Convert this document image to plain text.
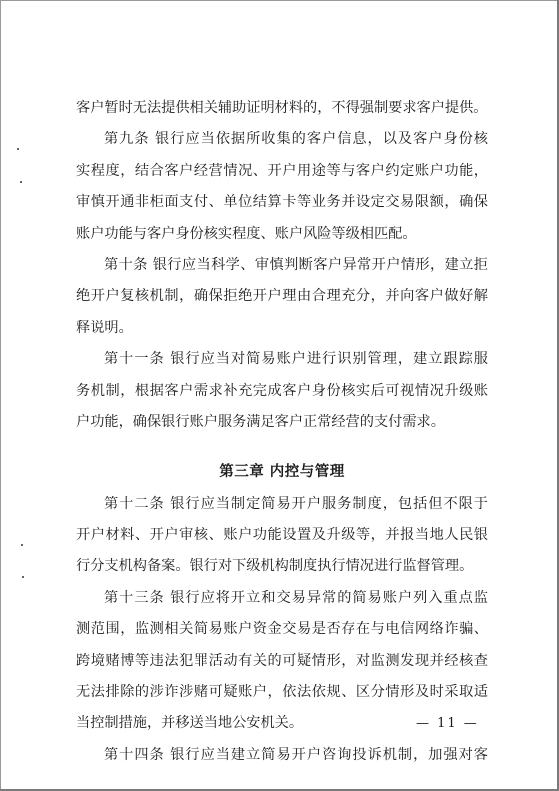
客户暂时无法提供相关辅助证明材料的，不得强制要求客户提供。
第九条 银行应当依据所收集的客户信息，以及客户身份核
实程度，结合客户经营情况、开户用途等与客户约定账户功能，
审慎开通非柜面支付、单位结算卡等业务并设定交易限额，确保
账户功能与客户身份核实程度、账户风险等级相匹配。
第十条 银行应当科学、审慎判断客户异常开户情形，建立拒
绝开户复核机制，确保拒绝开户理由合理充分，并向客户做好解
释说明。
第十一条 银行应当对简易账户进行识别管理，建立跟踪服
务机制，根据客户需求补充完成客户身份核实后可视情况升级账
户功能，确保银行账户服务满足客户正常经营的支付需求。
第三章 内控与管理
第十二条 银行应当制定简易开户服务制度，包括但不限于
开户材料、开户审核、账户功能设置及升级等，并报当地人民银
行分支机构备案。银行对下级机构制度执行情况进行监督管理。
第十三条 银行应将开立和交易异常的简易账户列入重点监
测范围，监测相关简易账户资金交易是否存在与电信网络诈骗、
跨境赌博等违法犯罪活动有关的可疑情形，对监测发现并经核查
无法排除的涉诈涉赌可疑账户，依法依规、区分情形及时采取适
当控制措施，并移送当地公安机关。
第十四条 银行应当建立简易开户咨询投诉机制，加强对客
— 11 —
